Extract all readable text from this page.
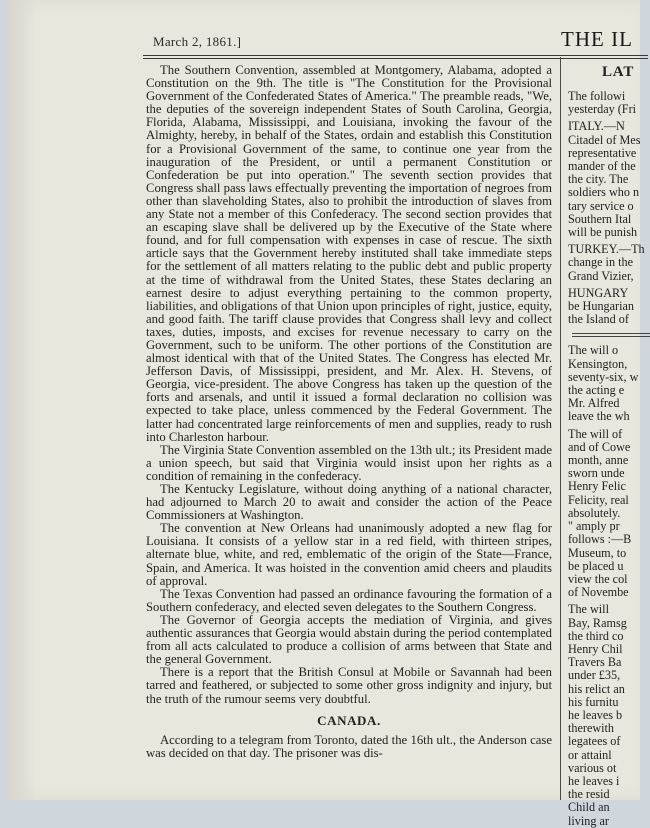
March 2, 1861.]	THE IL

The Southern Convention, assembled at Montgomery, Alabama, adopted a Constitution on the 9th. The title is "The Constitution for the Provisional Government of the Confederated States of America." The preamble reads, "We, the deputies of the sovereign independent States of South Carolina, Georgia, Florida, Alabama, Mississippi, and Louisiana, invoking the favour of the Almighty, hereby, in behalf of the States, ordain and establish this Constitution for a Provisional Government of the same, to continue one year from the inauguration of the President, or until a permanent Constitution or Confederation be put into operation." The seventh section provides that Congress shall pass laws effectually preventing the importation of negroes from other than slaveholding States, also to prohibit the introduction of slaves from any State not a member of this Confederacy. The second section provides that an escaping slave shall be delivered up by the Executive of the State where found, and for full compensation with expenses in case of rescue. The sixth article says that the Government hereby instituted shall take immediate steps for the settlement of all matters relating to the public debt and public property at the time of withdrawal from the United States, these States declaring an earnest desire to adjust everything pertaining to the common property, liabilities, and obligations of that Union upon principles of right, justice, equity, and good faith. The tariff clause provides that Congress shall levy and collect taxes, duties, imposts, and excises for revenue necessary to carry on the Government, such to be uniform. The other portions of the Constitution are almost identical with that of the United States. The Congress has elected Mr. Jefferson Davis, of Mississippi, president, and Mr. Alex. H. Stevens, of Georgia, vice-president. The above Congress has taken up the question of the forts and arsenals, and until it issued a formal declaration no collision was expected to take place, unless commenced by the Federal Government. The latter had concentrated large reinforcements of men and supplies, ready to rush into Charleston harbour.

The Virginia State Convention assembled on the 13th ult.; its President made a union speech, but said that Virginia would insist upon her rights as a condition of remaining in the confederacy.

The Kentucky Legislature, without doing anything of a national character, had adjourned to March 20 to await and consider the action of the Peace Commissioners at Washington.

The convention at New Orleans had unanimously adopted a new flag for Louisiana. It consists of a yellow star in a red field, with thirteen stripes, alternate blue, white, and red, emblematic of the origin of the State—France, Spain, and America. It was hoisted in the convention amid cheers and plaudits of approval.

The Texas Convention had passed an ordinance favouring the formation of a Southern confederacy, and elected seven delegates to the Southern Congress.

The Governor of Georgia accepts the mediation of Virginia, and gives authentic assurances that Georgia would abstain during the period contemplated from all acts calculated to produce a collision of arms between that State and the general Government.

There is a report that the British Consul at Mobile or Savannah had been tarred and feathered, or subjected to some other gross indignity and injury, but the truth of the rumour seems very doubtful.

CANADA.

According to a telegram from Toronto, dated the 16th ult., the Anderson case was decided on that day. The prisoner was dis-

LAT

The followi
yesterday (Fri

ITALY.—N
Citadel of Mes
representative
mander of the
the city. The
soldiers who n
tary service o
Southern Ital
will be punish

TURKEY.—Th
change in the
Grand Vizier,

HUNGARY
be Hungarian
the Island of

The will o
Kensington,
seventy-six, w
the acting e
Mr. Alfred
leave the wh

The will of
and of Cowe
month, anne
sworn unde
Henry Felic
Felicity, real
absolutely.
" amply pr
follows :—B
Museum, to
be placed u
view the col
of Novembe

The will
Bay, Ramsg
the third co
Henry Chil
Travers Ba
under £35,
his relict an
his furnitu
he leaves b
therewith
legatees of
or attainl
various ot
he leaves i
the resid
Child an
living ar
